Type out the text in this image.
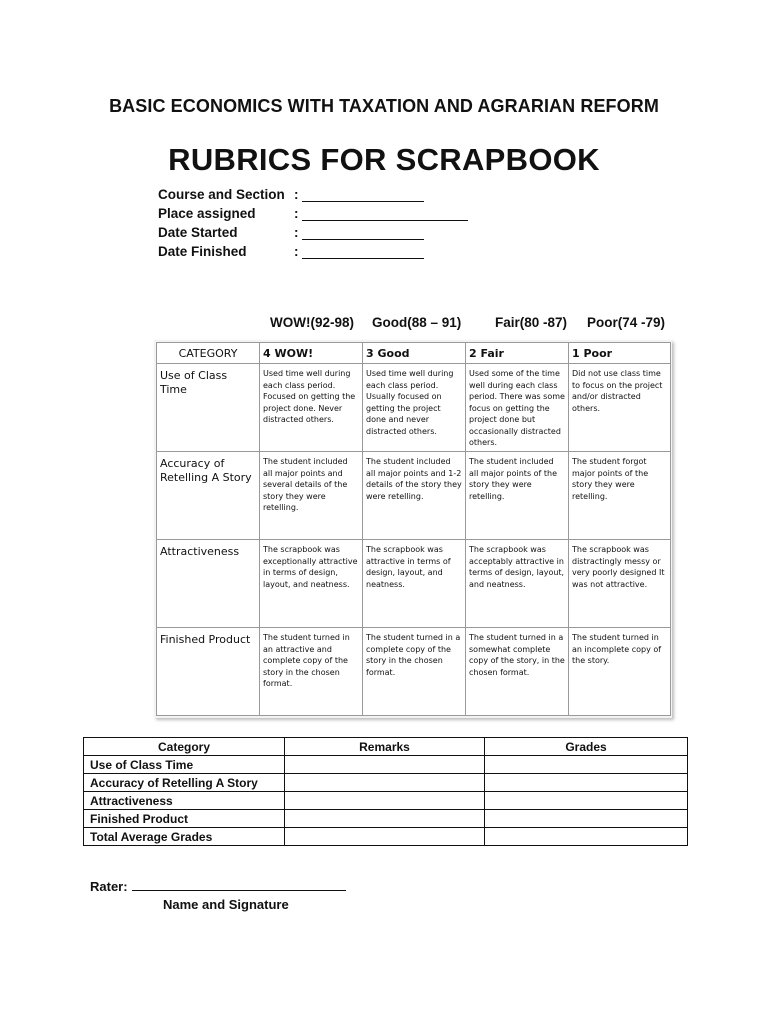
BASIC ECONOMICS WITH TAXATION AND AGRARIAN REFORM
RUBRICS FOR SCRAPBOOK
Course and Section :
Place assigned	:
Date Started	:
Date Finished	:
WOW!(92-98) Good(88 – 91) Fair(80 -87) Poor(74 -79)
CATEGORY	4 WOW!	3 Good	2 Fair	1 Poor
Use of Class Time	Used time well during each class period. Focused on getting the project done. Never distracted others.	Used time well during each class period. Usually focused on getting the project done and never distracted others.	Used some of the time well during each class period. There was some focus on getting the project done but occasionally distracted others.	Did not use class time to focus on the project and/or distracted others.
Accuracy of Retelling A Story	The student included all major points and several details of the story they were retelling.	The student included all major points and 1-2 details of the story they were retelling.	The student included all major points of the story they were retelling.	The student forgot major points of the story they were retelling.
Attractiveness	The scrapbook was exceptionally attractive in terms of design, layout, and neatness.	The scrapbook was attractive in terms of design, layout, and neatness.	The scrapbook was acceptably attractive in terms of design, layout, and neatness.	The scrapbook was distractingly messy or very poorly designed It was not attractive.
Finished Product	The student turned in an attractive and complete copy of the story in the chosen format.	The student turned in a complete copy of the story in the chosen format.	The student turned in a somewhat complete copy of the story, in the chosen format.	The student turned in an incomplete copy of the story.
Category	Remarks	Grades
Use of Class Time		
Accuracy of Retelling A Story		
Attractiveness		
Finished Product		
Total Average Grades		
Rater:
Name and Signature
